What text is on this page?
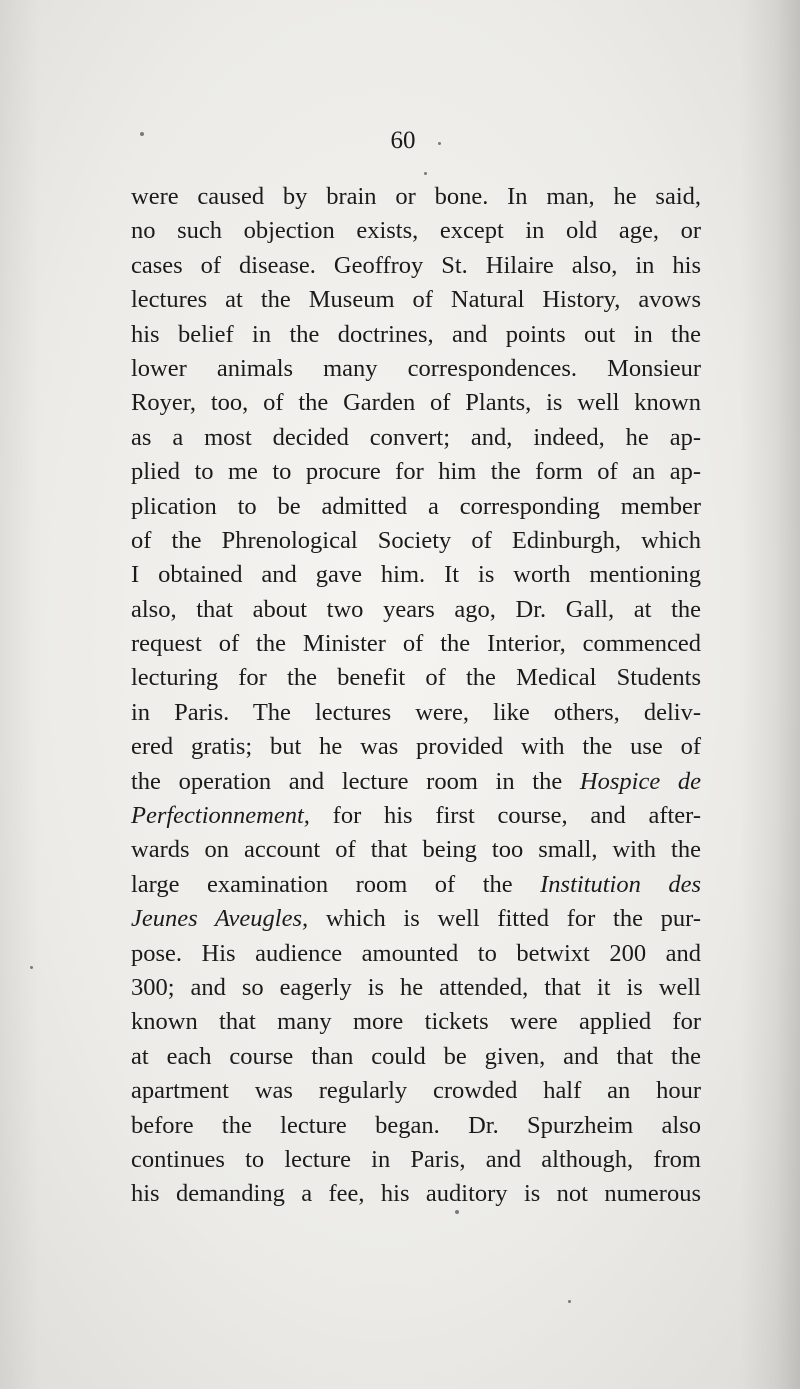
60
were caused by brain or bone. In man, he said,
no such objection exists, except in old age, or
cases of disease. Geoffroy St. Hilaire also, in his
lectures at the Museum of Natural History, avows
his belief in the doctrines, and points out in the
lower animals many correspondences. Monsieur
Royer, too, of the Garden of Plants, is well known
as a most decided convert; and, indeed, he ap-
plied to me to procure for him the form of an ap-
plication to be admitted a corresponding member
of the Phrenological Society of Edinburgh, which
I obtained and gave him. It is worth mentioning
also, that about two years ago, Dr. Gall, at the
request of the Minister of the Interior, commenced
lecturing for the benefit of the Medical Students
in Paris. The lectures were, like others, deliv-
ered gratis; but he was provided with the use of
the operation and lecture room in the Hospice de
Perfectionnement, for his first course, and after-
wards on account of that being too small, with the
large examination room of the Institution des
Jeunes Aveugles, which is well fitted for the pur-
pose. His audience amounted to betwixt 200 and
300; and so eagerly is he attended, that it is well
known that many more tickets were applied for
at each course than could be given, and that the
apartment was regularly crowded half an hour
before the lecture began. Dr. Spurzheim also
continues to lecture in Paris, and although, from
his demanding a fee, his auditory is not numerous
